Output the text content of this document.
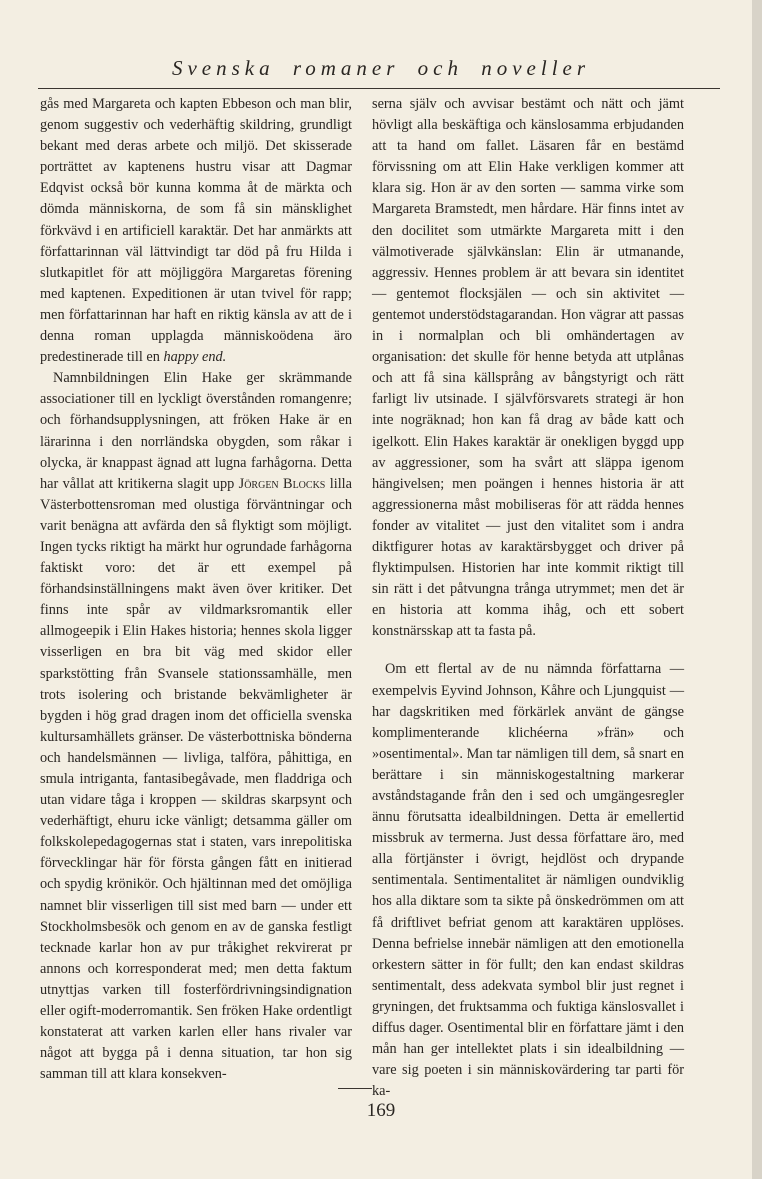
Svenska romaner och noveller

gås med Margareta och kapten Ebbeson och man blir, genom suggestiv och vederhäftig skildring, grundligt bekant med deras arbete och miljö. Det skisserade porträttet av kaptenens hustru visar att Dagmar Edqvist också bör kunna komma åt de märkta och dömda människorna, de som få sin mänsklighet förkvävd i en artificiell karaktär. Det har anmärkts att författarinnan väl lättvindigt tar död på fru Hilda i slutkapitlet för att möjliggöra Margaretas förening med kaptenen. Expeditionen är utan tvivel för rapp; men författarinnan har haft en riktig känsla av att de i denna roman upplagda människoödena äro predestinerade till en happy end.

Namnbildningen Elin Hake ger skrämmande associationer till en lyckligt överstånden romangenre; och förhandsupplysningen, att fröken Hake är en lärarinna i den norrländska obygden, som råkar i olycka, är knappast ägnad att lugna farhågorna. Detta har vållat att kritikerna slagit upp Jörgen Blocks lilla Västerbottensroman med olustiga förväntningar och varit benägna att avfärda den så flyktigt som möjligt. Ingen tycks riktigt ha märkt hur ogrundade farhågorna faktiskt voro: det är ett exempel på förhandsinställningens makt även över kritiker. Det finns inte spår av vildmarksromantik eller allmogeepik i Elin Hakes historia; hennes skola ligger visserligen en bra bit väg med skidor eller sparkstötting från Svansele stationssamhälle, men trots isolering och bristande bekvämligheter är bygden i hög grad dragen inom det officiella svenska kultursamhällets gränser. De västerbottniska bönderna och handelsmännen — livliga, talföra, påhittiga, en smula intriganta, fantasibegåvade, men fladdriga och utan vidare tåga i kroppen — skildras skarpsynt och vederhäftigt, ehuru icke vänligt; detsamma gäller om folkskolepedagogernas stat i staten, vars inrepolitiska förvecklingar här för första gången fått en initierad och spydig krönikör. Och hjältinnan med det omöjliga namnet blir visserligen till sist med barn — under ett Stockholmsbesök och genom en av de ganska festligt tecknade karlar hon av pur tråkighet rekvirerat pr annons och korresponderat med; men detta faktum utnyttjas varken till fosterfördrivningsindignation eller ogift-moderromantik. Sen fröken Hake ordentligt konstaterat att varken karlen eller hans rivaler var något att bygga på i denna situation, tar hon sig samman till att klara konsekven-

serna själv och avvisar bestämt och nätt och jämt hövligt alla beskäftiga och känslosamma erbjudanden att ta hand om fallet. Läsaren får en bestämd förvissning om att Elin Hake verkligen kommer att klara sig. Hon är av den sorten — samma virke som Margareta Bramstedt, men hårdare. Här finns intet av den docilitet som utmärkte Margareta mitt i den välmotiverade självkänslan: Elin är utmanande, aggressiv. Hennes problem är att bevara sin identitet — gentemot flocksjälen — och sin aktivitet — gentemot understödstagarandan. Hon vägrar att passas in i normalplan och bli omhändertagen av organisation: det skulle för henne betyda att utplånas och att få sina källsprång av bångstyrigt och rätt farligt liv utsinade. I självförsvarets strategi är hon inte nogräknad; hon kan få drag av både katt och igelkott. Elin Hakes karaktär är onekligen byggd upp av aggressioner, som ha svårt att släppa igenom hängivelsen; men poängen i hennes historia är att aggressionerna måst mobiliseras för att rädda hennes fonder av vitalitet — just den vitalitet som i andra diktfigurer hotas av karaktärsbygget och driver på flyktimpulsen. Historien har inte kommit riktigt till sin rätt i det påtvungna trånga utrymmet; men det är en historia att komma ihåg, och ett sobert konstnärsskap att ta fasta på.

Om ett flertal av de nu nämnda författarna — exempelvis Eyvind Johnson, Kåhre och Ljungquist — har dagskritiken med förkärlek använt de gängse komplimenterande klichéerna »frän» och »osentimental». Man tar nämligen till dem, så snart en berättare i sin människogestaltning markerar avståndstagande från den i sed och umgängesregler ännu förutsatta idealbildningen. Detta är emellertid missbruk av termerna. Just dessa författare äro, med alla förtjänster i övrigt, hejdlöst och drypande sentimentala. Sentimentalitet är nämligen oundviklig hos alla diktare som ta sikte på önskedrömmen om att få driftlivet befriat genom att karaktären upplöses. Denna befrielse innebär nämligen att den emotionella orkestern sätter in för fullt; den kan endast skildras sentimentalt, dess adekvata symbol blir just regnet i gryningen, det fruktsamma och fuktiga känslosvallet i diffus dager. Osentimental blir en författare jämt i den mån han ger intellektet plats i sin idealbildning — vare sig poeten i sin människovärdering tar parti för ka-

169
